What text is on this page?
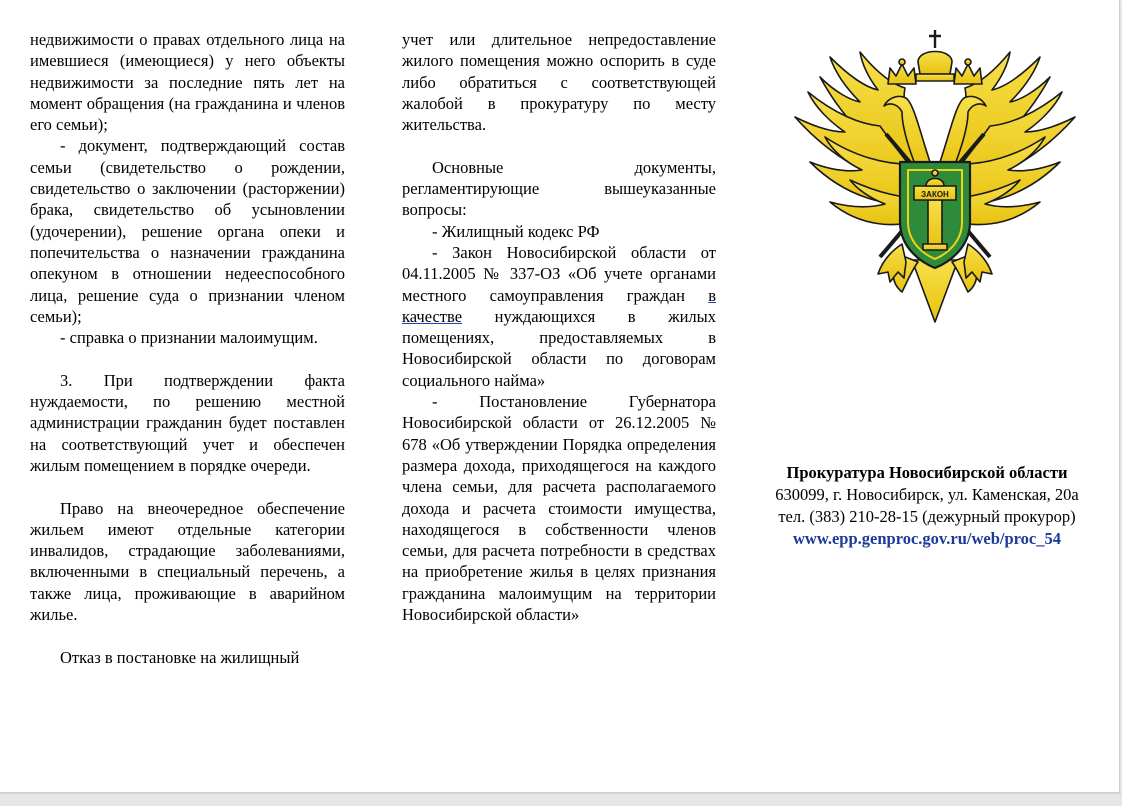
недвижимости о правах отдельного лица на имевшиеся (имеющиеся) у него объекты недвижимости за последние пять лет на момент обращения (на гражданина и членов его семьи);

- документ, подтверждающий состав семьи (свидетельство о рождении, свидетельство о заключении (расторжении) брака, свидетельство об усыновлении (удочерении), решение органа опеки и попечительства о назначении гражданина опекуном в отношении недееспособного лица, решение суда о признании членом семьи);

- справка о признании малоимущим.

3. При подтверждении факта нуждаемости, по решению местной администрации гражданин будет поставлен на соответствующий учет и обеспечен жилым помещением в порядке очереди.

Право на внеочередное обеспечение жильем имеют отдельные категории инвалидов, страдающие заболеваниями, включенными в специальный перечень, а также лица, проживающие в аварийном жилье.

Отказ в постановке на жилищный

учет или длительное непредоставление жилого помещения можно оспорить в суде либо обратиться с соответствующей жалобой в прокуратуру по месту жительства.

Основные документы, регламентирующие вышеуказанные вопросы:

- Жилищный кодекс РФ

- Закон Новосибирской области от 04.11.2005 № 337-ОЗ «Об учете органами местного самоуправления граждан в качестве нуждающихся в жилых помещениях, предоставляемых в Новосибирской области по договорам социального найма»

- Постановление Губернатора Новосибирской области от 26.12.2005 № 678 «Об утверждении Порядка определения размера дохода, приходящегося на каждого члена семьи, для расчета располагаемого дохода и расчета стоимости имущества, находящегося в собственности членов семьи, для расчета потребности в средствах на приобретение жилья в целях признания гражданина малоимущим на территории Новосибирской области»

ЗАКОН
Прокуратура Новосибирской области
630099, г. Новосибирск, ул. Каменская, 20а
тел. (383) 210-28-15 (дежурный прокурор)
www.epp.genproc.gov.ru/web/proc_54
